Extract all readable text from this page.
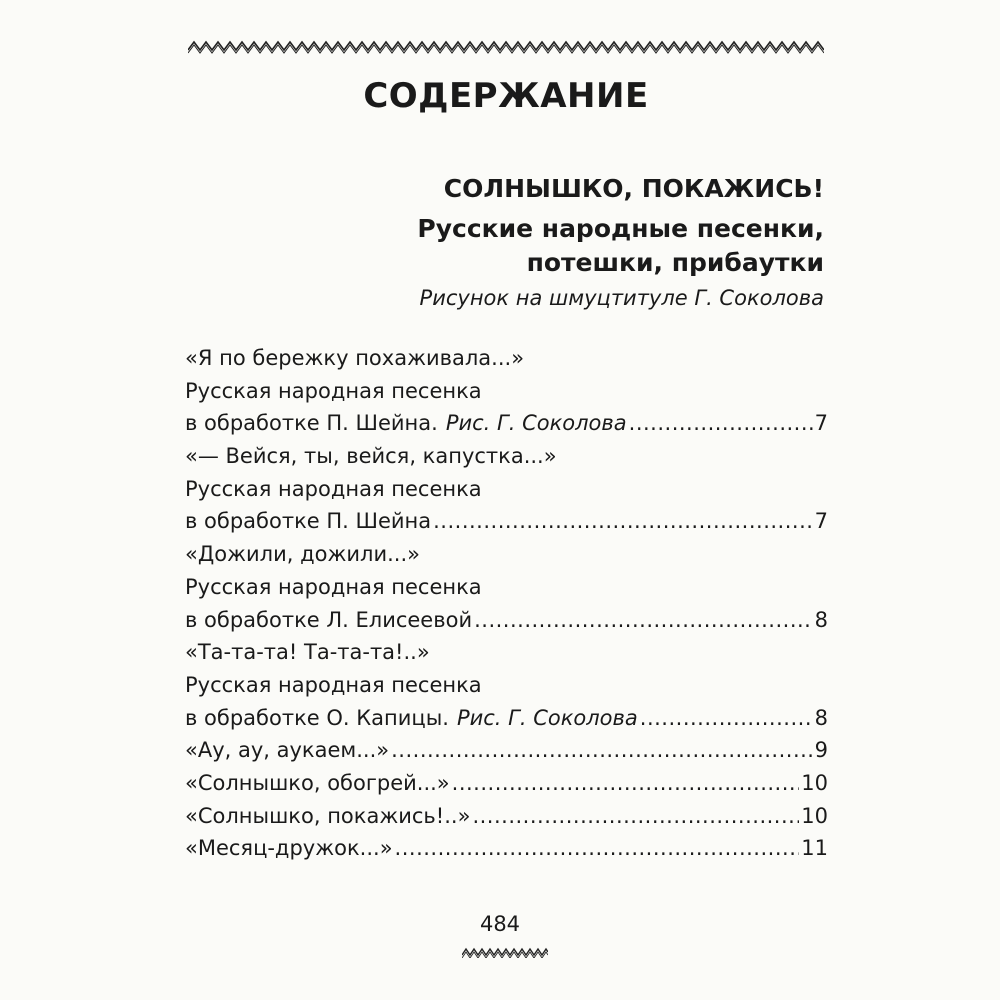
СОДЕРЖАНИЕ
СОЛНЫШКО, ПОКАЖИСЬ!
Русские народные песенки,
потешки, прибаутки
Рисунок на шмуцтитуле Г. Соколова
«Я по бережку похаживала...»
Русская народная песенка
в обработке П. Шейна. Рис. Г. Соколова .....	7
«— Вейся, ты, вейся, капустка...»
Русская народная песенка
в обработке П. Шейна .....	7
«Дожили, дожили...»
Русская народная песенка
в обработке Л. Елисеевой .....	8
«Та-та-та! Та-та-та!..»
Русская народная песенка
в обработке О. Капицы. Рис. Г. Соколова .....	8
«Ау, ау, аукаем...» .....	9
«Солнышко, обогрей...» .....	10
«Солнышко, покажись!..» .....	10
«Месяц-дружок...» .....	11
484
